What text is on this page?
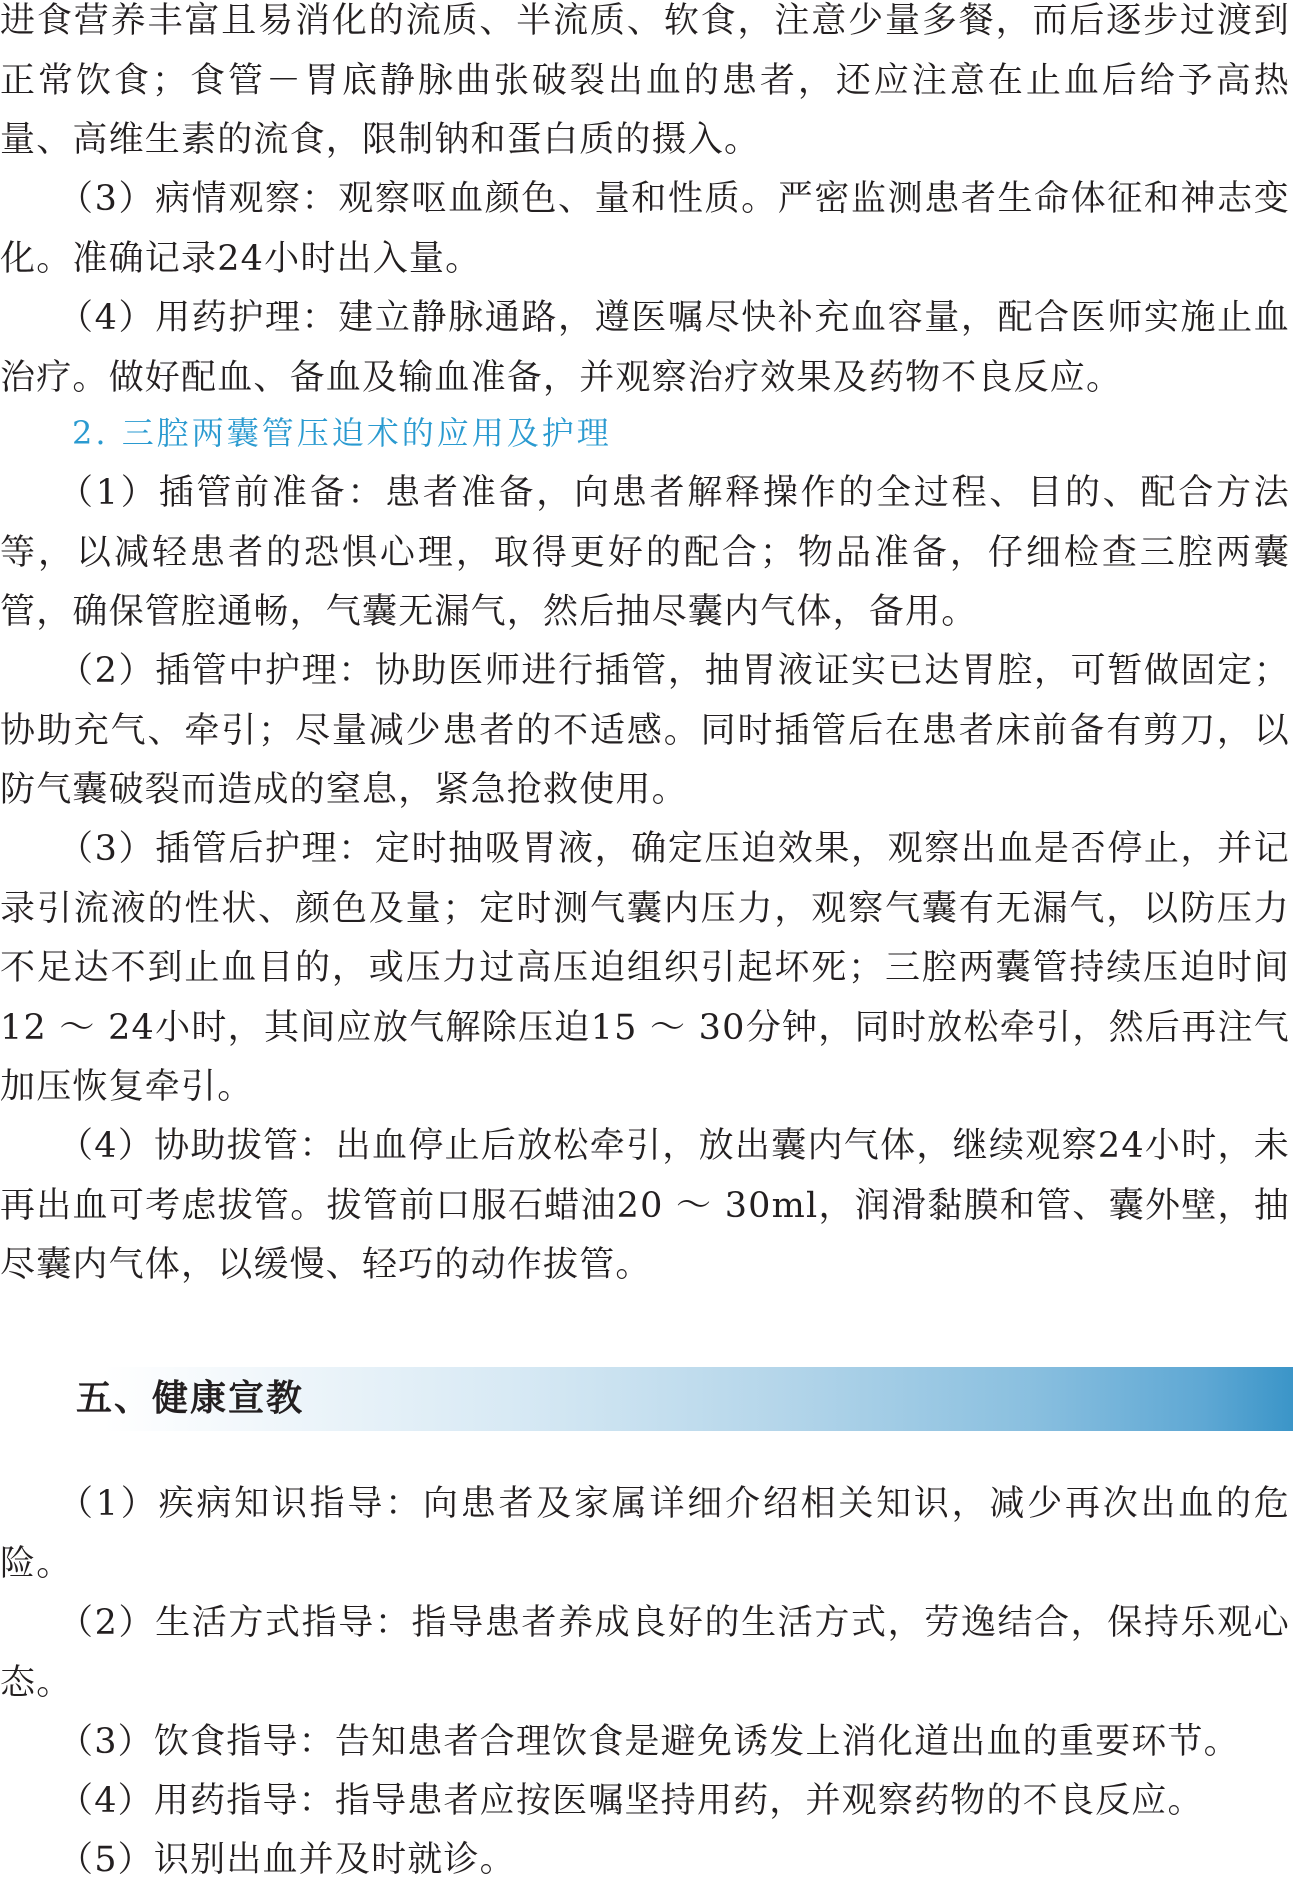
进食营养丰富且易消化的流质、半流质、软食，注意少量多餐，而后逐步过渡到正常饮食；食管－胃底静脉曲张破裂出血的患者，还应注意在止血后给予高热量、高维生素的流食，限制钠和蛋白质的摄入。

（3）病情观察：观察呕血颜色、量和性质。严密监测患者生命体征和神志变化。准确记录24小时出入量。

（4）用药护理：建立静脉通路，遵医嘱尽快补充血容量，配合医师实施止血治疗。做好配血、备血及输血准备，并观察治疗效果及药物不良反应。

2. 三腔两囊管压迫术的应用及护理

（1）插管前准备：患者准备，向患者解释操作的全过程、目的、配合方法等，以减轻患者的恐惧心理，取得更好的配合；物品准备，仔细检查三腔两囊管，确保管腔通畅，气囊无漏气，然后抽尽囊内气体，备用。

（2）插管中护理：协助医师进行插管，抽胃液证实已达胃腔，可暂做固定；协助充气、牵引；尽量减少患者的不适感。同时插管后在患者床前备有剪刀，以防气囊破裂而造成的窒息，紧急抢救使用。

（3）插管后护理：定时抽吸胃液，确定压迫效果，观察出血是否停止，并记录引流液的性状、颜色及量；定时测气囊内压力，观察气囊有无漏气，以防压力不足达不到止血目的，或压力过高压迫组织引起坏死；三腔两囊管持续压迫时间12 ～ 24小时，其间应放气解除压迫15 ～ 30分钟，同时放松牵引，然后再注气加压恢复牵引。

（4）协助拔管：出血停止后放松牵引，放出囊内气体，继续观察24小时，未再出血可考虑拔管。拔管前口服石蜡油20 ～ 30ml，润滑黏膜和管、囊外壁，抽尽囊内气体，以缓慢、轻巧的动作拔管。

五、健康宣教

（1）疾病知识指导：向患者及家属详细介绍相关知识，减少再次出血的危险。

（2）生活方式指导：指导患者养成良好的生活方式，劳逸结合，保持乐观心态。

（3）饮食指导：告知患者合理饮食是避免诱发上消化道出血的重要环节。

（4）用药指导：指导患者应按医嘱坚持用药，并观察药物的不良反应。

（5）识别出血并及时就诊。
